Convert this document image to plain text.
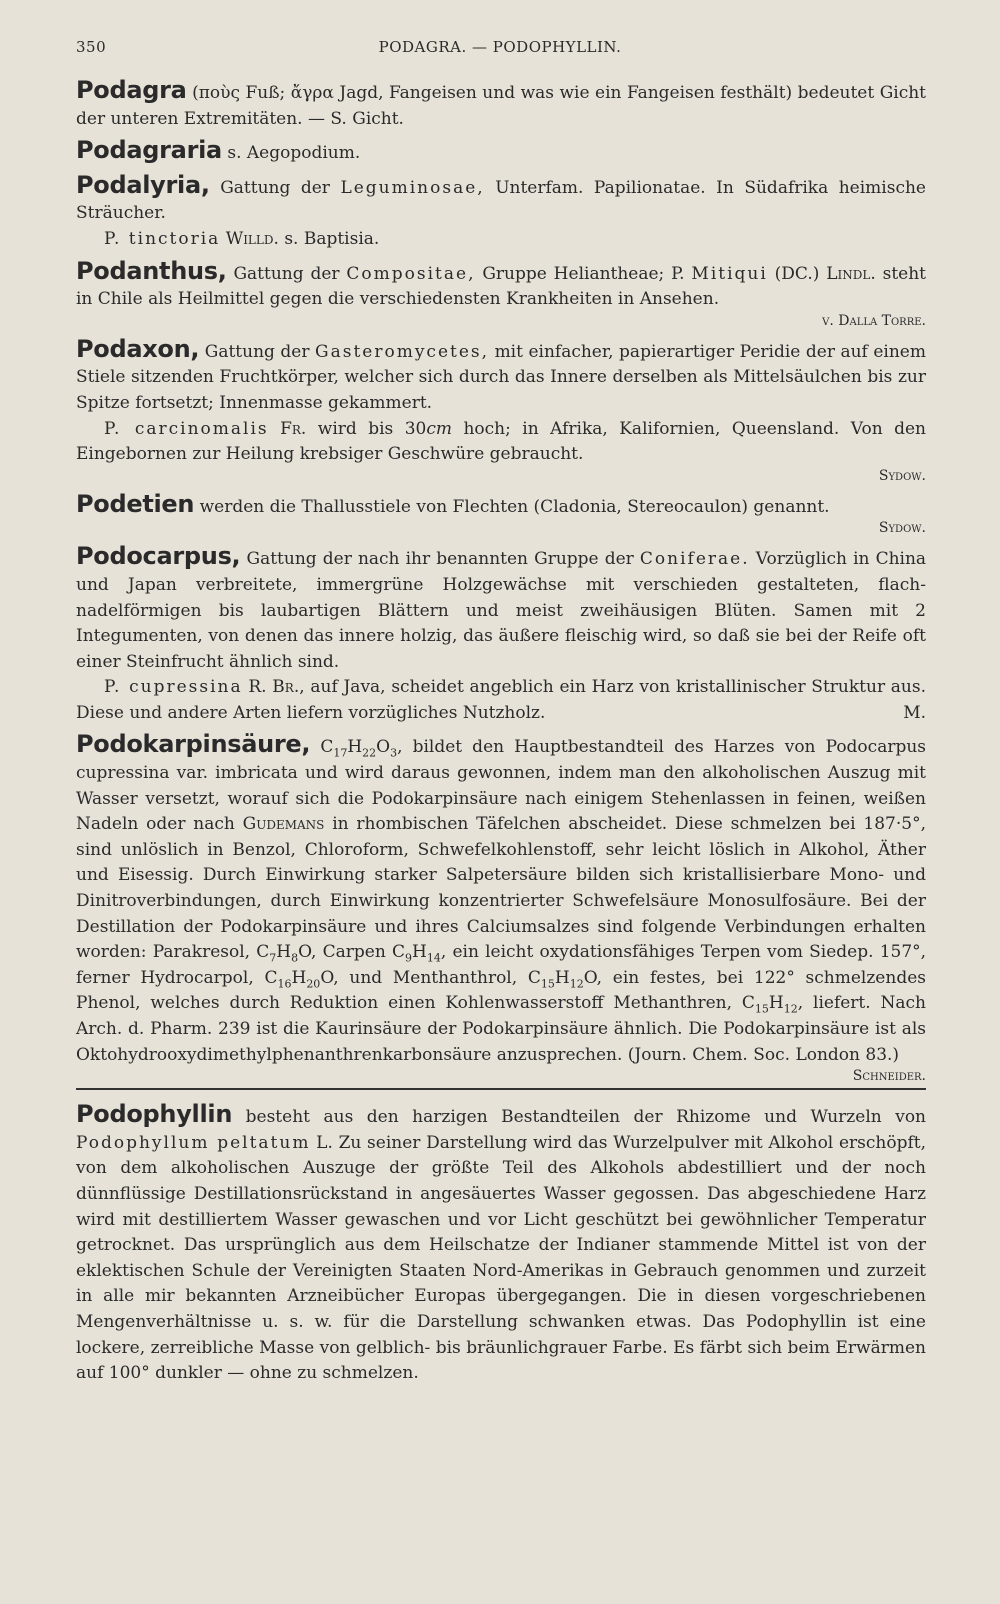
350	PODAGRA. — PODOPHYLLIN.

Podagra (ποὺς Fuß; ἄγρα Jagd, Fangeisen und was wie ein Fangeisen festhält) bedeutet Gicht der unteren Extremitäten. — S. Gicht.

Podagraria s. Aegopodium.

Podalyria, Gattung der Leguminosae, Unterfam. Papilionatae. In Südafrika heimische Sträucher.

P. tinctoria Willd. s. Baptisia.

Podanthus, Gattung der Compositae, Gruppe Heliantheae; P. Mitiqui (DC.) Lindl. steht in Chile als Heilmittel gegen die verschiedensten Krankheiten in Ansehen.

v. Dalla Torre.

Podaxon, Gattung der Gasteromycetes, mit einfacher, papierartiger Peridie der auf einem Stiele sitzenden Fruchtkörper, welcher sich durch das Innere derselben als Mittelsäulchen bis zur Spitze fortsetzt; Innenmasse gekammert.

P. carcinomalis Fr. wird bis 30cm hoch; in Afrika, Kalifornien, Queensland. Von den Eingebornen zur Heilung krebsiger Geschwüre gebraucht.

Sydow.

Podetien werden die Thallusstiele von Flechten (Cladonia, Stereocaulon) genannt.

Sydow.

Podocarpus, Gattung der nach ihr benannten Gruppe der Coniferae. Vorzüglich in China und Japan verbreitete, immergrüne Holzgewächse mit verschieden gestalteten, flach-nadelförmigen bis laubartigen Blättern und meist zweihäusigen Blüten. Samen mit 2 Integumenten, von denen das innere holzig, das äußere fleischig wird, so daß sie bei der Reife oft einer Steinfrucht ähnlich sind.

P. cupressina R. Br., auf Java, scheidet angeblich ein Harz von kristallinischer Struktur aus. Diese und andere Arten liefern vorzügliches Nutzholz.	M.

Podokarpinsäure, $C_{17}H_{22}O_3$, bildet den Hauptbestandteil des Harzes von Podocarpus cupressina var. imbricata und wird daraus gewonnen, indem man den alkoholischen Auszug mit Wasser versetzt, worauf sich die Podokarpinsäure nach einigem Stehenlassen in feinen, weißen Nadeln oder nach Gudemans in rhombischen Täfelchen abscheidet. Diese schmelzen bei 187·5°, sind unlöslich in Benzol, Chloroform, Schwefelkohlenstoff, sehr leicht löslich in Alkohol, Äther und Eisessig. Durch Einwirkung starker Salpetersäure bilden sich kristallisierbare Mono- und Dinitroverbindungen, durch Einwirkung konzentrierter Schwefelsäure Monosulfosäure. Bei der Destillation der Podokarpinsäure und ihres Calciumsalzes sind folgende Verbindungen erhalten worden: Parakresol, $C_7H_8O$, Carpen $C_9H_{14}$, ein leicht oxydationsfähiges Terpen vom Siedep. 157°, ferner Hydrocarpol, $C_{16}H_{20}O$, und Menthanthrol, $C_{15}H_{12}O$, ein festes, bei 122° schmelzendes Phenol, welches durch Reduktion einen Kohlenwasserstoff Methanthren, $C_{15}H_{12}$, liefert. Nach Arch. d. Pharm. 239 ist die Kaurinsäure der Podokarpinsäure ähnlich. Die Podokarpinsäure ist als Oktohydrooxydimethylphenanthrenkarbonsäure anzusprechen. (Journ. Chem. Soc. London 83.)

Schneider.

Podophyllin besteht aus den harzigen Bestandteilen der Rhizome und Wurzeln von Podophyllum peltatum L. Zu seiner Darstellung wird das Wurzelpulver mit Alkohol erschöpft, von dem alkoholischen Auszuge der größte Teil des Alkohols abdestilliert und der noch dünnflüssige Destillationsrückstand in angesäuertes Wasser gegossen. Das abgeschiedene Harz wird mit destilliertem Wasser gewaschen und vor Licht geschützt bei gewöhnlicher Temperatur getrocknet. Das ursprünglich aus dem Heilschatze der Indianer stammende Mittel ist von der eklektischen Schule der Vereinigten Staaten Nord-Amerikas in Gebrauch genommen und zurzeit in alle mir bekannten Arzneibücher Europas übergegangen. Die in diesen vorgeschriebenen Mengenverhältnisse u. s. w. für die Darstellung schwanken etwas. Das Podophyllin ist eine lockere, zerreibliche Masse von gelblich- bis bräunlichgrauer Farbe. Es färbt sich beim Erwärmen auf 100° dunkler — ohne zu schmelzen.
